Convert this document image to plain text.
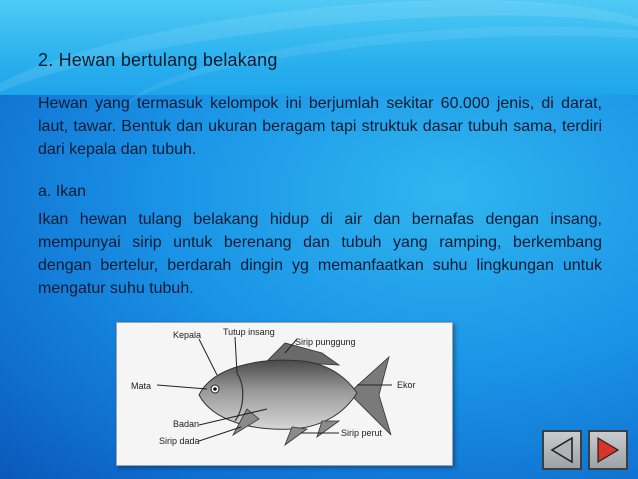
2. Hewan bertulang belakang

Hewan yang termasuk kelompok ini berjumlah sekitar 60.000 jenis, di darat, laut, tawar. Bentuk dan ukuran beragam tapi struktuk dasar tubuh sama, terdiri dari kepala dan tubuh.

a. Ikan

Ikan hewan tulang belakang hidup di air dan bernafas dengan insang, mempunyai sirip untuk berenang dan tubuh yang ramping, berkembang dengan bertelur, berdarah dingin yg memanfaatkan suhu lingkungan untuk mengatur suhu tubuh.

Kepala Tutup insang
Sirip punggung
Mata	Ekor
Badan
Sirip dada
Sirip perut
